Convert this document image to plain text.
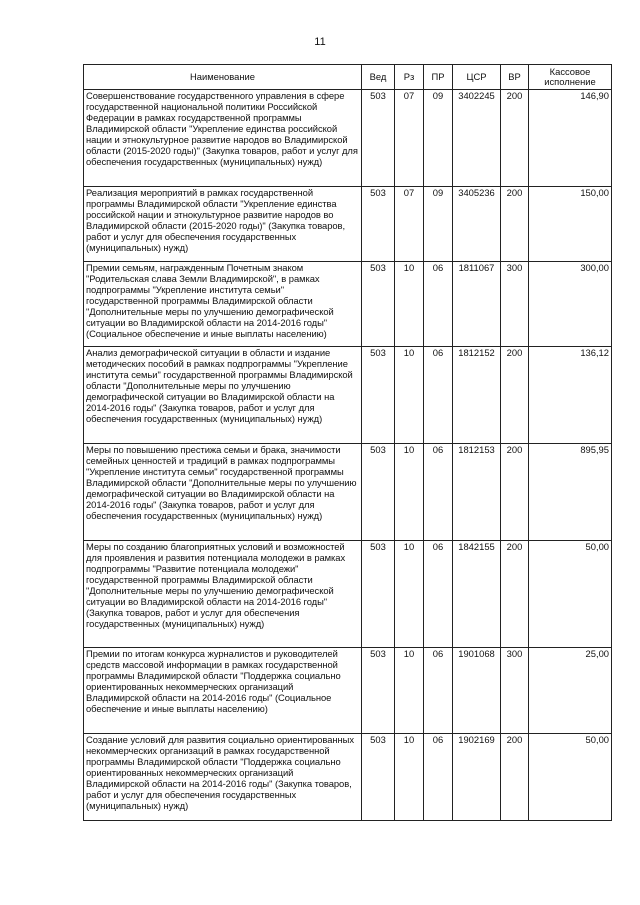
11
Наименование	Вед	Рз	ПР	ЦСР	ВР	Кассовое исполнение
Совершенствование государственного управления в сфере государственной национальной политики Российской Федерации в рамках государственной программы Владимирской области "Укрепление единства российской нации и этнокультурное развитие народов во Владимирской области (2015-2020 годы)" (Закупка товаров, работ и услуг для обеспечения государственных (муниципальных) нужд)	503	07	09	3402245	200	146,90
Реализация мероприятий в рамках государственной программы Владимирской области "Укрепление единства российской нации и этнокультурное развитие народов во Владимирской области (2015-2020 годы)" (Закупка товаров, работ и услуг для обеспечения государственных (муниципальных) нужд)	503	07	09	3405236	200	150,00
Премии семьям, награжденным Почетным знаком "Родительская слава Земли Владимирской", в рамках подпрограммы "Укрепление института семьи" государственной программы Владимирской области "Дополнительные меры по улучшению демографической ситуации во Владимирской области на 2014-2016 годы" (Социальное обеспечение и иные выплаты населению)	503	10	06	1811067	300	300,00
Анализ демографической ситуации в области и издание методических пособий в рамках подпрограммы "Укрепление института семьи" государственной программы Владимирской области "Дополнительные меры по улучшению демографической ситуации во Владимирской области на 2014-2016 годы" (Закупка товаров, работ и услуг для обеспечения государственных (муниципальных) нужд)	503	10	06	1812152	200	136,12
Меры по повышению престижа семьи и брака, значимости семейных ценностей и традиций в рамках подпрограммы "Укрепление института семьи" государственной программы Владимирской области "Дополнительные меры по улучшению демографической ситуации во Владимирской области на 2014-2016 годы" (Закупка товаров, работ и услуг для обеспечения государственных (муниципальных) нужд)	503	10	06	1812153	200	895,95
Меры по созданию благоприятных условий и возможностей для проявления и развития потенциала молодежи в рамках подпрограммы "Развитие потенциала молодежи" государственной программы Владимирской области "Дополнительные меры по улучшению демографической ситуации во Владимирской области на 2014-2016 годы" (Закупка товаров, работ и услуг для обеспечения государственных (муниципальных) нужд)	503	10	06	1842155	200	50,00
Премии по итогам конкурса журналистов и руководителей средств массовой информации в рамках государственной программы Владимирской области "Поддержка социально ориентированных некоммерческих организаций Владимирской области на 2014-2016 годы" (Социальное обеспечение и иные выплаты населению)	503	10	06	1901068	300	25,00
Создание условий для развития социально ориентированных некоммерческих организаций в рамках государственной программы Владимирской области "Поддержка социально ориентированных некоммерческих организаций Владимирской области на 2014-2016 годы" (Закупка товаров, работ и услуг для обеспечения государственных (муниципальных) нужд)	503	10	06	1902169	200	50,00
